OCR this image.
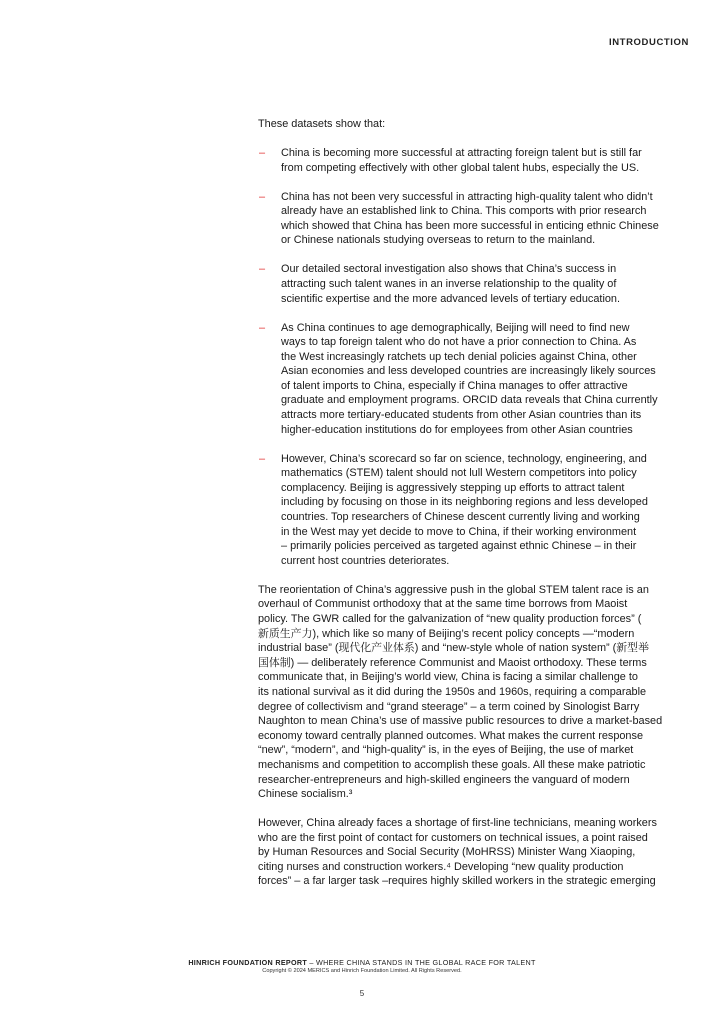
INTRODUCTION
These datasets show that:
– China is becoming more successful at attracting foreign talent but is still far
from competing effectively with other global talent hubs, especially the US.
– China has not been very successful in attracting high-quality talent who didn’t
already have an established link to China. This comports with prior research
which showed that China has been more successful in enticing ethnic Chinese
or Chinese nationals studying overseas to return to the mainland.
– Our detailed sectoral investigation also shows that China’s success in
attracting such talent wanes in an inverse relationship to the quality of
scientific expertise and the more advanced levels of tertiary education.
– As China continues to age demographically, Beijing will need to find new
ways to tap foreign talent who do not have a prior connection to China. As
the West increasingly ratchets up tech denial policies against China, other
Asian economies and less developed countries are increasingly likely sources
of talent imports to China, especially if China manages to offer attractive
graduate and employment programs. ORCID data reveals that China currently
attracts more tertiary-educated students from other Asian countries than its
higher-education institutions do for employees from other Asian countries
– However, China’s scorecard so far on science, technology, engineering, and
mathematics (STEM) talent should not lull Western competitors into policy
complacency. Beijing is aggressively stepping up efforts to attract talent
including by focusing on those in its neighboring regions and less developed
countries. Top researchers of Chinese descent currently living and working
in the West may yet decide to move to China, if their working environment
– primarily policies perceived as targeted against ethnic Chinese – in their
current host countries deteriorates.
The reorientation of China’s aggressive push in the global STEM talent race is an
overhaul of Communist orthodoxy that at the same time borrows from Maoist
policy. The GWR called for the galvanization of “new quality production forces” (
新质生产力), which like so many of Beijing’s recent policy concepts —“modern
industrial base” (现代化产业体系) and “new-style whole of nation system” (新型举
国体制) — deliberately reference Communist and Maoist orthodoxy. These terms
communicate that, in Beijing’s world view, China is facing a similar challenge to
its national survival as it did during the 1950s and 1960s, requiring a comparable
degree of collectivism and “grand steerage” – a term coined by Sinologist Barry
Naughton to mean China’s use of massive public resources to drive a market-based
economy toward centrally planned outcomes. What makes the current response
“new”, “modern”, and “high-quality” is, in the eyes of Beijing, the use of market
mechanisms and competition to accomplish these goals. All these make patriotic
researcher-entrepreneurs and high-skilled engineers the vanguard of modern
Chinese socialism.³
However, China already faces a shortage of first-line technicians, meaning workers
who are the first point of contact for customers on technical issues, a point raised
by Human Resources and Social Security (MoHRSS) Minister Wang Xiaoping,
citing nurses and construction workers.⁴ Developing “new quality production
forces” – a far larger task –requires highly skilled workers in the strategic emerging
HINRICH FOUNDATION REPORT – WHERE CHINA STANDS IN THE GLOBAL RACE FOR TALENT
Copyright © 2024 MERICS and Hinrich Foundation Limited. All Rights Reserved.
5
